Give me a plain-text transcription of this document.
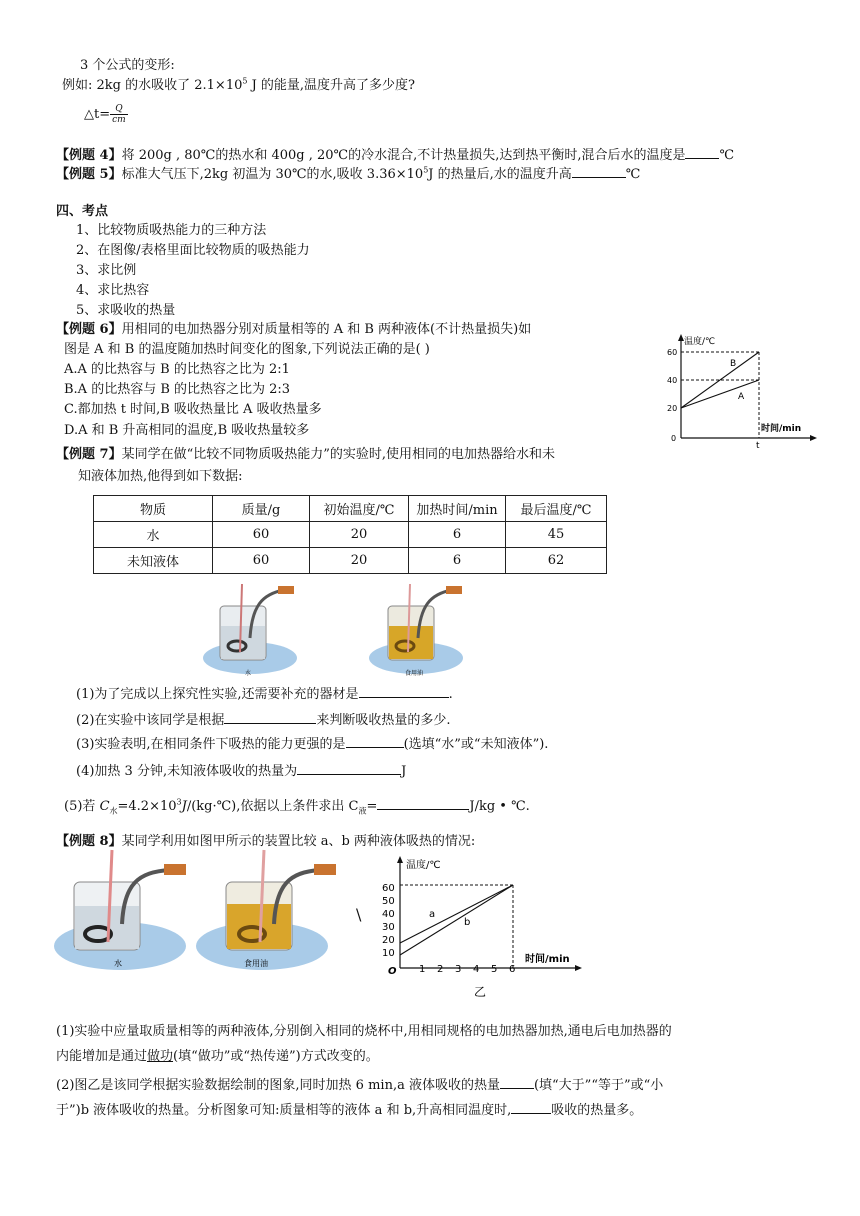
3 个公式的变形:
例如: 2kg 的水吸收了 $2.1\times 10^5$ J 的能量,温度升高了多少度?
△t= $\frac{Q}{cm}$
【例题 4】将 200g , 80℃的热水和 400g , 20℃的冷水混合,不计热量损失,达到热平衡时,混合后水的温度是	℃
【例题 5】标准大气压下,2kg 初温为 30℃的水,吸收 $3.36\times 10^5J$ 的热量后,水的温度升高	℃
四、考点
1、比较物质吸热能力的三种方法
2、在图像/表格里面比较物质的吸热能力
3、求比例
4、求比热容
5、求吸收的热量
【例题 6】用相同的电加热器分别对质量相等的 A 和 B 两种液体(不计热量损失)如
图是 A 和 B 的温度随加热时间变化的图象,下列说法正确的是( )
A.A 的比热容与 B 的比热容之比为 2:1
B.A 的比热容与 B 的比热容之比为 2:3
C.都加热 t 时间,B 吸收热量比 A 吸收热量多
D.A 和 B 升高相同的温度,B 吸收热量较多
温度/℃
时间/min
60
40
20
0
t
B
A
【例题 7】某同学在做“比较不同物质吸热能力”的实验时,使用相同的电加热器给水和未
知液体加热,他得到如下数据:
物质	质量/g	初始温度/℃	加热时间/min	最后温度/℃
水	60	20	6	45
未知液体	60	20	6	62
水	食用油
(1)为了完成以上探究性实验,还需要补充的器材是	.
(2)在实验中该同学是根据	来判断吸收热量的多少.
(3)实验表明,在相同条件下吸热的能力更强的是	(选填“水”或“未知液体”).
(4)加热 3 分钟,未知液体吸收的热量为	J
(5)若 $C_水=4.2\times 10^3J/(kg\cdot℃)$,依据以上条件求出 $C_液=$	J/kg • ℃.
【例题 8】某同学利用如图甲所示的装置比较 a、b 两种液体吸热的情况:
水	食用油
\
温度/℃
时间/min
60
50
40
30
20
10
O 1 2 3 4 5 6
a
b
乙
(1)实验中应量取质量相等的两种液体,分别倒入相同的烧杯中,用相同规格的电加热器加热,通电后电加热器的
内能增加是通过做功(填“做功”或“热传递”)方式改变的。
(2)图乙是该同学根据实验数据绘制的图象,同时加热 6 min,a 液体吸收的热量	(填“大于”“等于”或“小
于”)b 液体吸收的热量。分析图象可知:质量相等的液体 a 和 b,升高相同温度时,	吸收的热量多。
